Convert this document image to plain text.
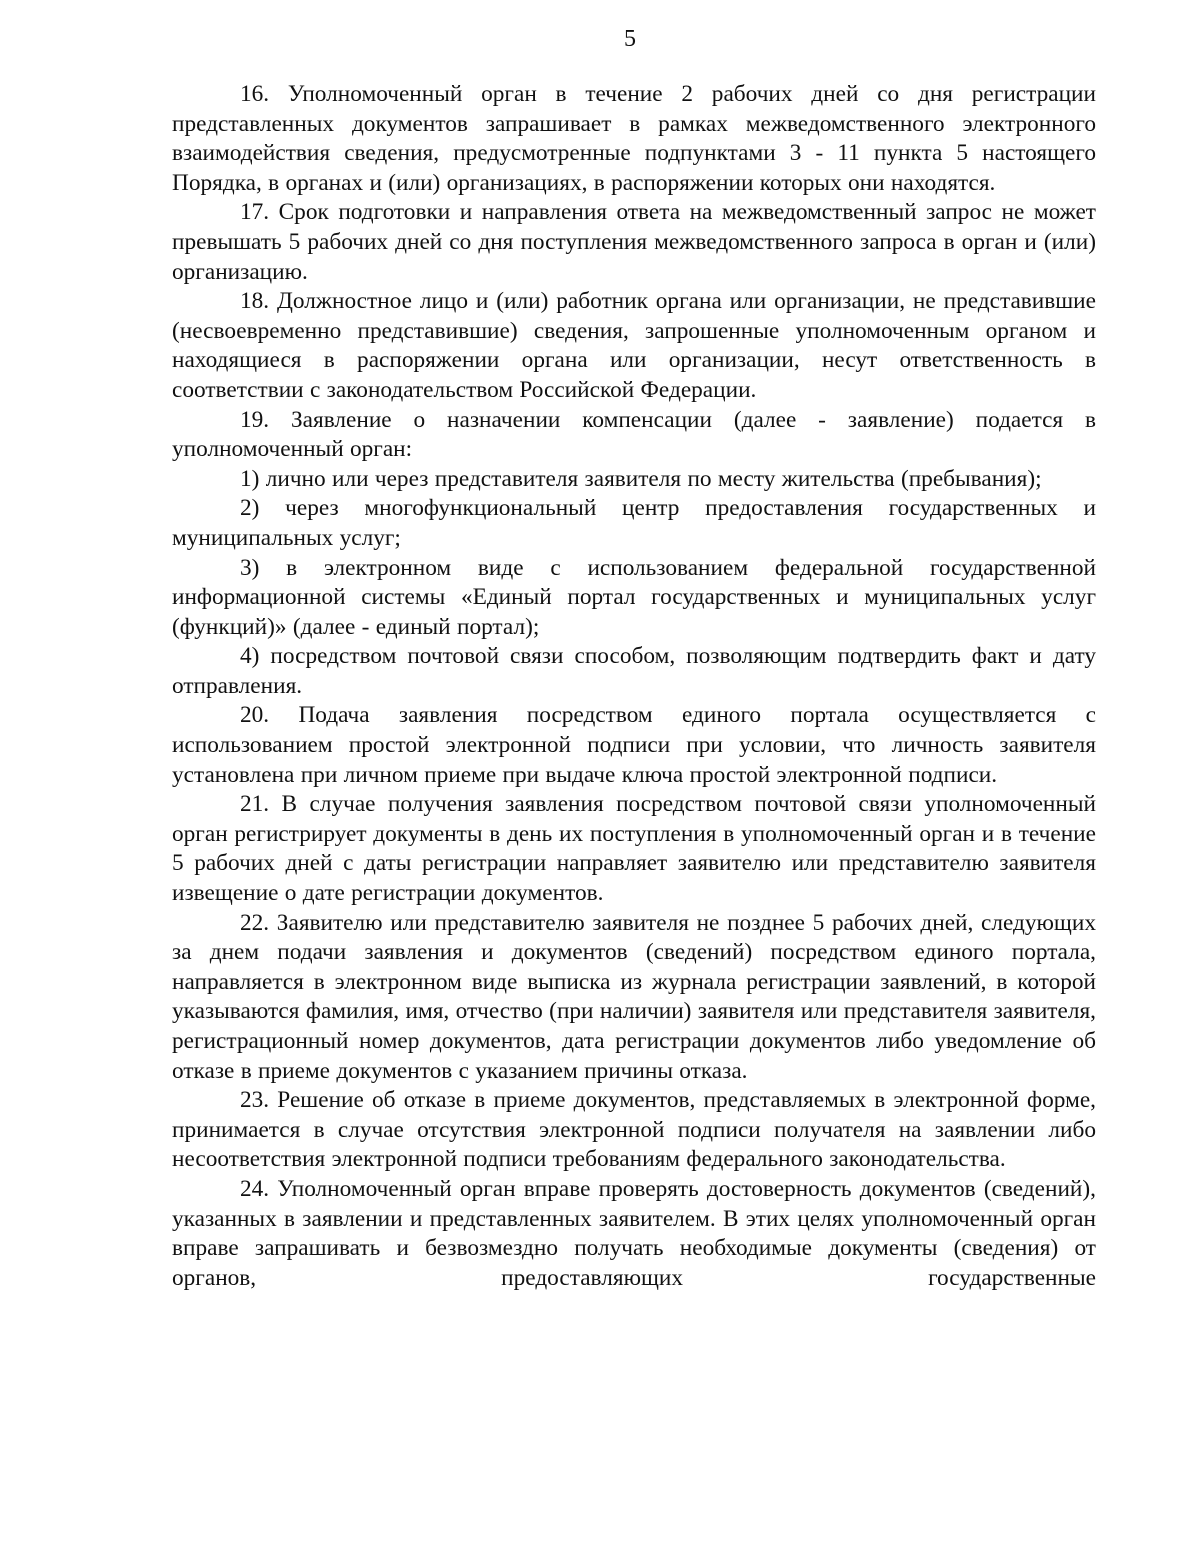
5

16. Уполномоченный орган в течение 2 рабочих дней со дня регистрации представленных документов запрашивает в рамках межведомственного электронного взаимодействия сведения, предусмотренные подпунктами 3 - 11 пункта 5 настоящего Порядка, в органах и (или) организациях, в распоряжении которых они находятся.

17. Срок подготовки и направления ответа на межведомственный запрос не может превышать 5 рабочих дней со дня поступления межведомственного запроса в орган и (или) организацию.

18. Должностное лицо и (или) работник органа или организации, не представившие (несвоевременно представившие) сведения, запрошенные уполномоченным органом и находящиеся в распоряжении органа или организации, несут ответственность в соответствии с законодательством Российской Федерации.

19. Заявление о назначении компенсации (далее - заявление) подается в уполномоченный орган:

1) лично или через представителя заявителя по месту жительства (пребывания);

2) через многофункциональный центр предоставления государственных и муниципальных услуг;

3) в электронном виде с использованием федеральной государственной информационной системы «Единый портал государственных и муниципальных услуг (функций)» (далее - единый портал);

4) посредством почтовой связи способом, позволяющим подтвердить факт и дату отправления.

20. Подача заявления посредством единого портала осуществляется с использованием простой электронной подписи при условии, что личность заявителя установлена при личном приеме при выдаче ключа простой электронной подписи.

21. В случае получения заявления посредством почтовой связи уполномоченный орган регистрирует документы в день их поступления в уполномоченный орган и в течение 5 рабочих дней с даты регистрации направляет заявителю или представителю заявителя извещение о дате регистрации документов.

22. Заявителю или представителю заявителя не позднее 5 рабочих дней, следующих за днем подачи заявления и документов (сведений) посредством единого портала, направляется в электронном виде выписка из журнала регистрации заявлений, в которой указываются фамилия, имя, отчество (при наличии) заявителя или представителя заявителя, регистрационный номер документов, дата регистрации документов либо уведомление об отказе в приеме документов с указанием причины отказа.

23. Решение об отказе в приеме документов, представляемых в электронной форме, принимается в случае отсутствия электронной подписи получателя на заявлении либо несоответствия электронной подписи требованиям федерального законодательства.

24. Уполномоченный орган вправе проверять достоверность документов (сведений), указанных в заявлении и представленных заявителем. В этих целях уполномоченный орган вправе запрашивать и безвозмездно получать необходимые документы (сведения) от органов, предоставляющих государственные
